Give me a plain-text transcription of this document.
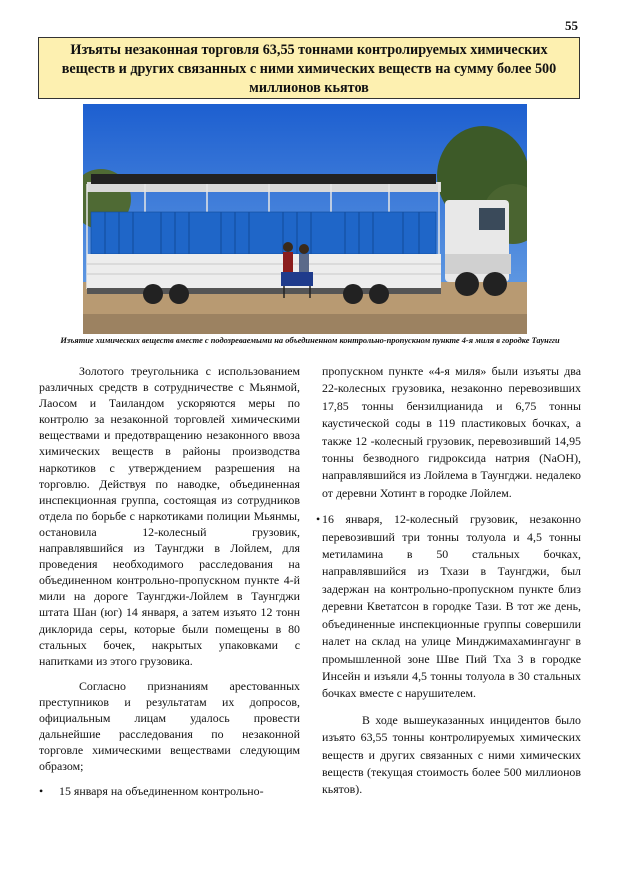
55
Изъяты незаконная торговля 63,55 тоннами контролируемых химических веществ и других связанных с ними химических веществ на сумму более 500 миллионов кьятов
Изъятие химических веществ вместе с подозреваемыми на объединенном контрольно-пропускном пункте 4-я миля в городке Таунгги

Золотого треугольника с использованием различных средств в сотрудничестве с Мьянмой, Лаосом и Таиландом ускоряются меры по контролю за незаконной торговлей химическими веществами и предотвращению незаконного ввоза химических веществ в районы производства наркотиков с утверждением разрешения на торговлю. Действуя по наводке, объединенная инспекционная группа, состоящая из сотрудников отдела по борьбе с наркотиками полиции Мьянмы, остановила 12-колесный грузовик, направлявшийся из Таунгджи в Лойлем, для проведения необходимого расследования на объединенном контрольно-пропускном пункте 4-й мили на дороге Таунгджи-Лойлем в Таунгджи штата Шан (юг) 14 января, а затем изъято 12 тонн диклорида серы, которые были помещены в 80 стальных бочек, накрытых упаковками с напитками из этого грузовика.

Согласно признаниям арестованных преступников и результатам их допросов, официальным лицам удалось провести дальнейшие расследования по незаконной торговле химическими веществами следующим образом;

• 15 января на объединенном контрольно-

пропускном пункте «4-я миля» были изъяты два 22-колесных грузовика, незаконно перевозивших 17,85 тонны бензилцианида и 6,75 тонны каустической соды в 119 пластиковых бочках, а также 12 -колесный грузовик, перевозивший 14,95 тонны безводного гидроксида натрия (NaOH), направлявшийся из Лойлема в Таунгджи. недалеко от деревни Хотинт в городке Лойлем.

• 16 января, 12-колесный грузовик, незаконно перевозивший три тонны толуола и 4,5 тонны метиламина в 50 стальных бочках, направлявшийся из Тхази в Таунгджи, был задержан на контрольно-пропускном пункте близ деревни Кветатсон в городке Тази. В тот же день, объединенные инспекционные группы совершили налет на склад на улице Минджимахамингаунг в промышленной зоне Шве Пий Тха 3 в городке Инсейн и изъяли 4,5 тонны толуола в 30 стальных бочках вместе с нарушителем.

В ходе вышеуказанных инцидентов было изъято 63,55 тонны контролируемых химических веществ и других связанных с ними химических веществ (текущая стоимость более 500 миллионов кьятов).
